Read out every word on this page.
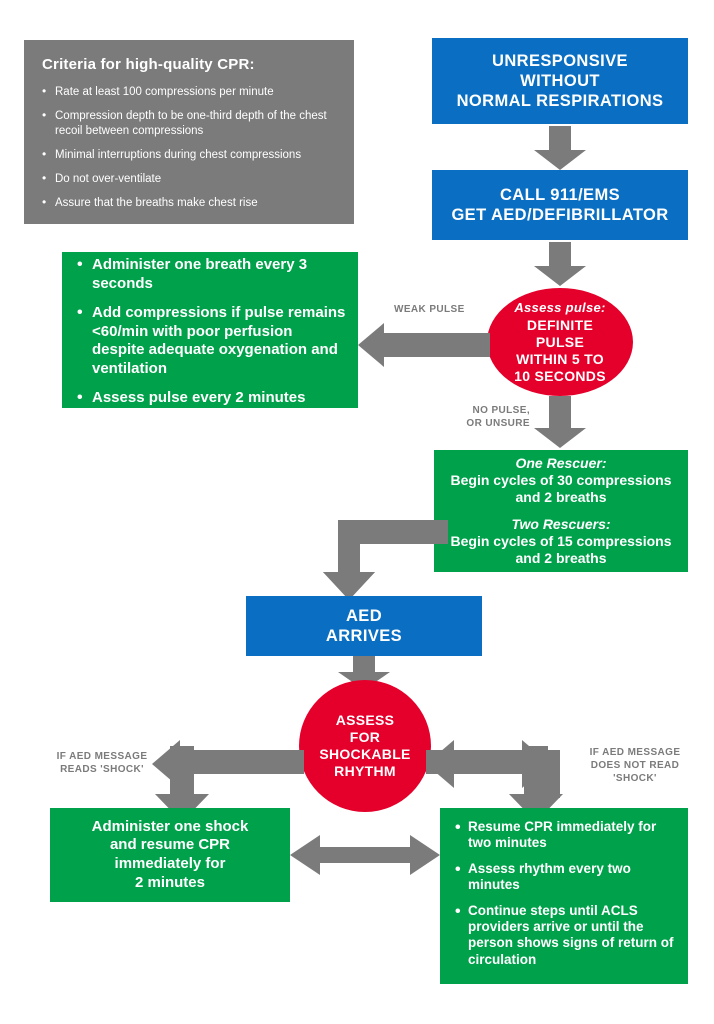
Criteria for high-quality CPR:
• Rate at least 100 compressions per minute
• Compression depth to be one-third depth of the chest recoil between compressions
• Minimal interruptions during chest compressions
• Do not over-ventilate
• Assure that the breaths make chest rise
UNRESPONSIVE
WITHOUT
NORMAL RESPIRATIONS
CALL 911/EMS
GET AED/DEFIBRILLATOR
Assess pulse:
DEFINITE
PULSE
WITHIN 5 TO
10 SECONDS
WEAK PULSE
• Administer one breath every 3 seconds
• Add compressions if pulse remains <60/min with poor perfusion despite adequate oxygenation and ventilation
• Assess pulse every 2 minutes
NO PULSE,
OR UNSURE
One Rescuer:
Begin cycles of 30 compressions and 2 breaths
Two Rescuers:
Begin cycles of 15 compressions and 2 breaths
AED
ARRIVES
ASSESS
FOR
SHOCKABLE
RHYTHM
IF AED MESSAGE
READS 'SHOCK'
IF AED MESSAGE
DOES NOT READ
'SHOCK'
Administer one shock
and resume CPR
immediately for
2 minutes
• Resume CPR immediately for two minutes
• Assess rhythm every two minutes
• Continue steps until ACLS providers arrive or until the person shows signs of return of circulation
